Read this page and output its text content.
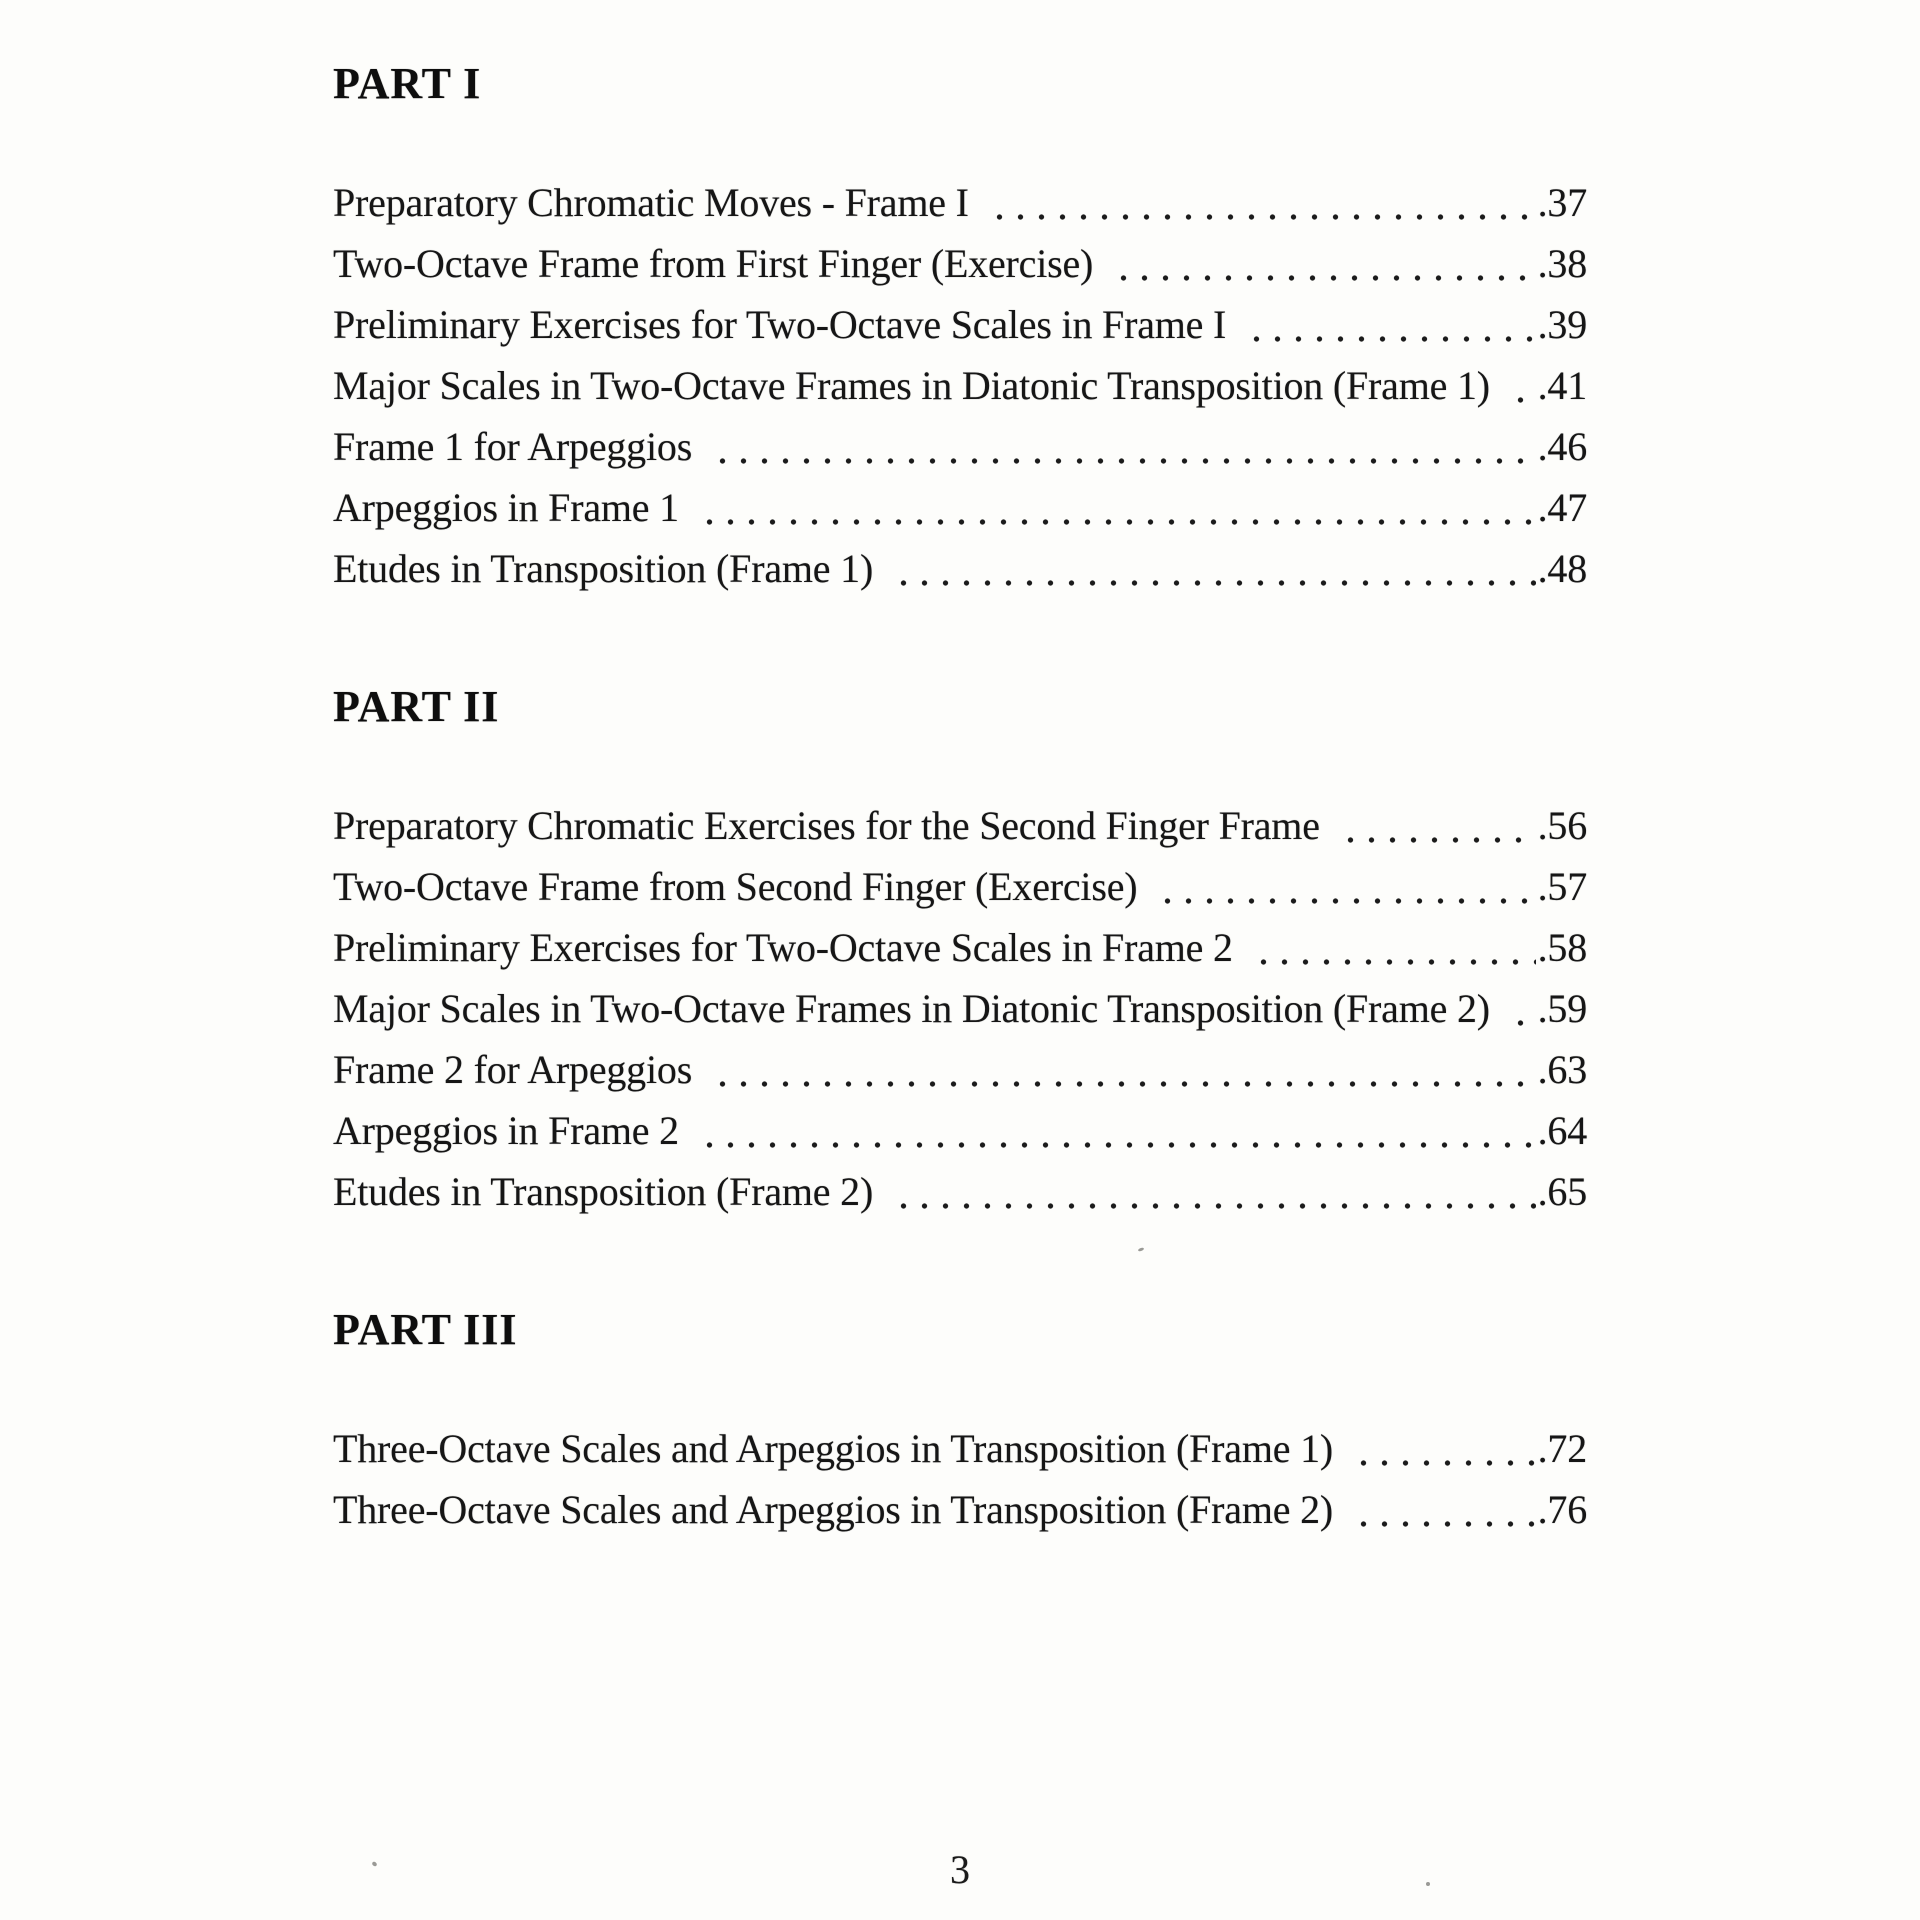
PART I
Preparatory Chromatic Moves - Frame I	.37
Two-Octave Frame from First Finger (Exercise)	.38
Preliminary Exercises for Two-Octave Scales in Frame I	.39
Major Scales in Two-Octave Frames in Diatonic Transposition (Frame 1) .41
Frame 1 for Arpeggios	.46
Arpeggios in Frame 1	.47
Etudes in Transposition (Frame 1)	.48
PART II
Preparatory Chromatic Exercises for the Second Finger Frame	.56
Two-Octave Frame from Second Finger (Exercise)	.57
Preliminary Exercises for Two-Octave Scales in Frame 2	.58
Major Scales in Two-Octave Frames in Diatonic Transposition (Frame 2) .59
Frame 2 for Arpeggios	.63
Arpeggios in Frame 2	.64
Etudes in Transposition (Frame 2)	.65
PART III
Three-Octave Scales and Arpeggios in Transposition (Frame 1)	.72
Three-Octave Scales and Arpeggios in Transposition (Frame 2)	.76
3
